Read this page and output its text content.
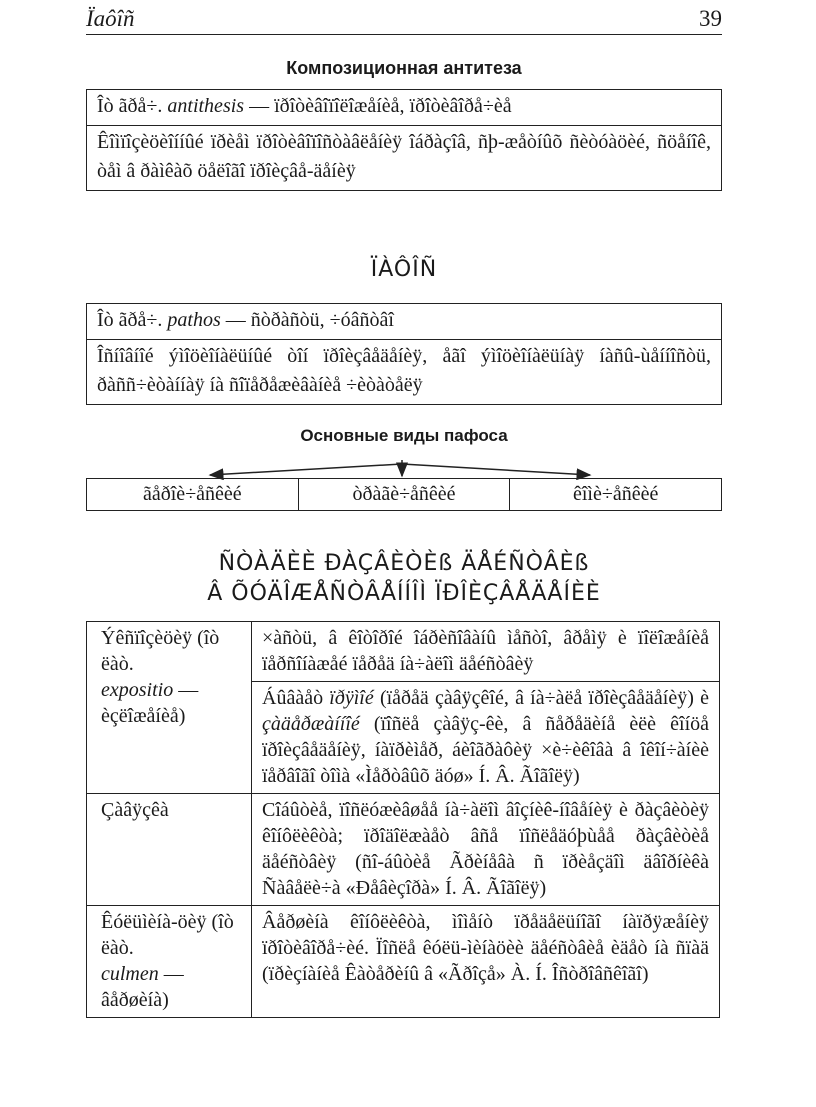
Ïaôîñ	39
Композиционная антитеза
Îò ãðå÷. antithesis — ïðîòèâîïîëîæåíèå, ïðîòèâîðå÷èå
Êîìïîçèöèîííûé ïðèåì ïðîòèâîïîñòàâëåíèÿ îáðàçîâ, ñþ-æåòíûõ ñèòóàöèé, ñöåíîê, òåì â ðàìêàõ öåëîãî ïðîèçâå-äåíèÿ
ÏÀÔÎÑ
Îò ãðå÷. pathos — ñòðàñòü, ÷óâñòâî
Îñíîâíîé ýìîöèîíàëüíûé òîí ïðîèçâåäåíèÿ, åãî ýìîöèîíàëüíàÿ íàñû-ùåííîñòü, ðàññ÷èòàííàÿ íà ñîïåðåæèâàíèå ÷èòàòåëÿ
Основные виды пафоса
ãåðîè÷åñêèé	òðàãè÷åñêèé	êîìè÷åñêèé
ÑÒÀÄÈÈ ÐÀÇÂÈÒÈß ÄÅÉÑÒÂÈß
Â ÕÓÄÎÆÅÑÒÂÅÍÍÎÌ ÏÐÎÈÇÂÅÄÅÍÈÈ
Ýêñïîçèöèÿ (îò ëàò.
expositio — èçëîæåíèå)	×àñòü, â êîòîðîé îáðèñîâàíû ìåñòî, âðåìÿ è ïîëîæåíèå ïåðñîíàæåé ïåðåä íà÷àëîì äåéñòâèÿ
	Áûâàåò ïðÿìîé (ïåðåä çàâÿçêîé, â íà÷àëå ïðîèçâåäåíèÿ) è çàäåðæàííîé (ïîñëå çàâÿç-êè, â ñåðåäèíå èëè êîíöå ïðîèçâåäåíèÿ, íàïðèìåð, áèîãðàôèÿ ×è÷èêîâà â îêîí÷àíèè ïåðâîãî òîìà «Ìåðòâûõ äóø» Í. Â. Ãîãîëÿ)
Çàâÿçêà	Cîáûòèå, ïîñëóæèâøåå íà÷àëîì âîçíèê-íîâåíèÿ è ðàçâèòèÿ êîíôëèêòà; ïðîäîëæàåò âñå ïîñëåäóþùåå ðàçâèòèå äåéñòâèÿ (ñî-áûòèå Ãðèíåâà ñ ïðèåçäîì äâîðíèêà Ñàâåëè÷à «Ðåâèçîðà» Í. Â. Ãîãîëÿ)
Êóëüìèíà-öèÿ (îò ëàò.
culmen — âåðøèíà)	Âåðøèíà êîíôëèêòà, ìîìåíò ïðåäåëüíîãî íàïðÿæåíèÿ ïðîòèâîðå÷èé. Ïîñëå êóëü-ìèíàöèè äåéñòâèå èäåò íà ñïàä (ïðèçíàíèå Êàòåðèíû â «Ãðîçå» À. Í. Îñòðîâñêîãî)
